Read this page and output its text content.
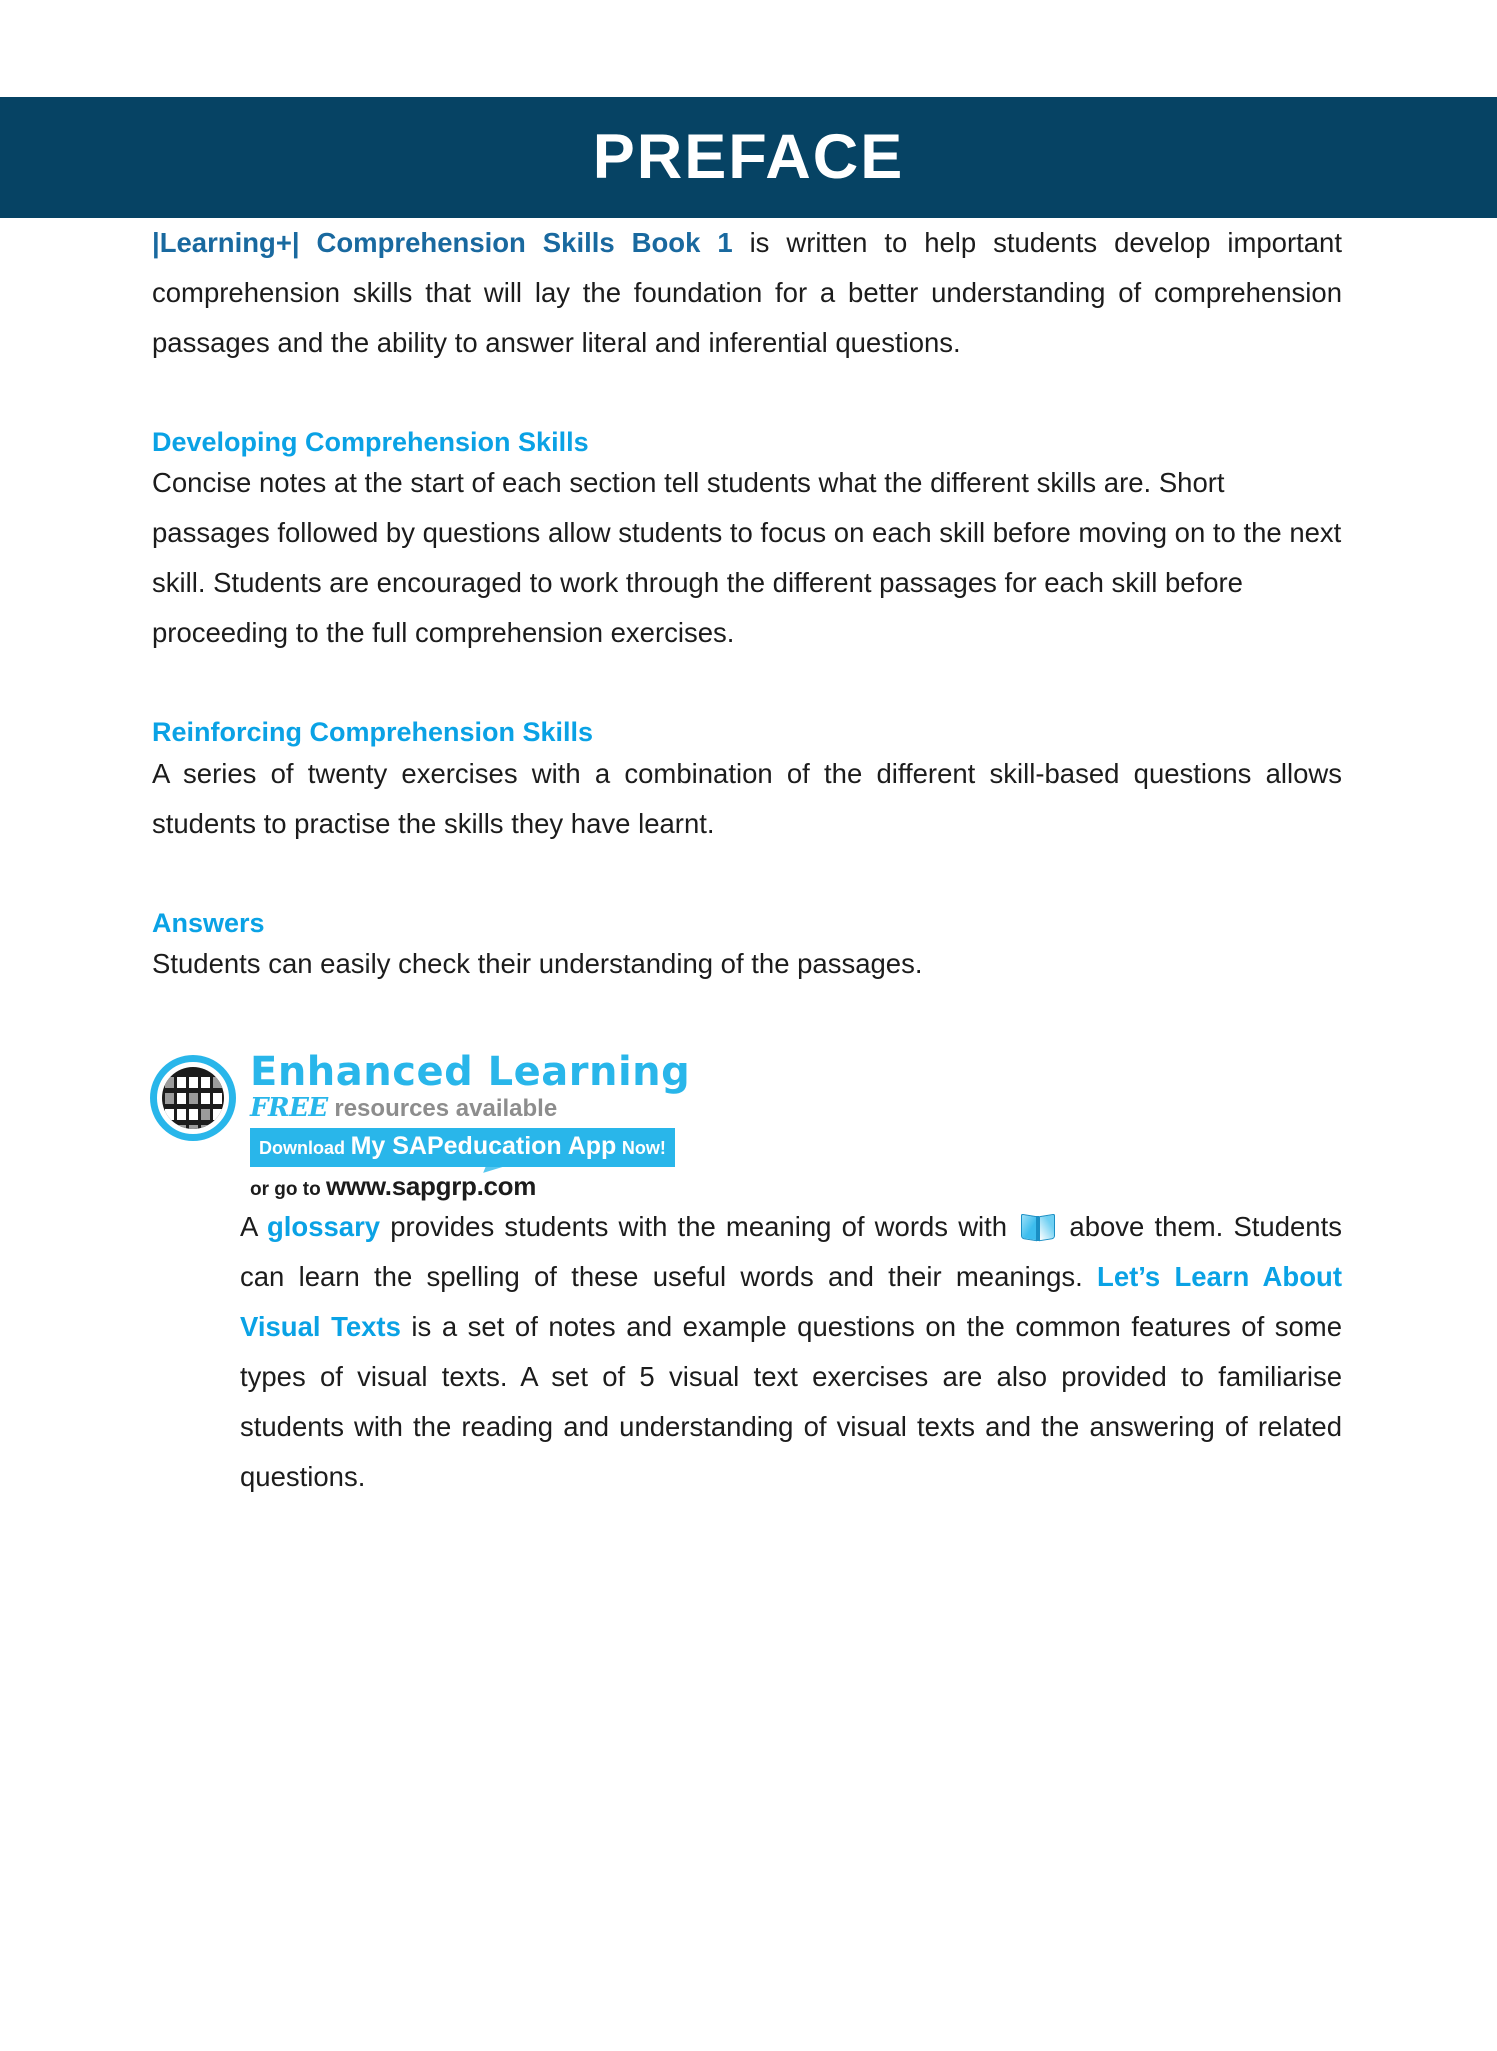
PREFACE

|Learning+| Comprehension Skills Book 1 is written to help students develop important comprehension skills that will lay the foundation for a better understanding of comprehension passages and the ability to answer literal and inferential questions.

Developing Comprehension Skills

Concise notes at the start of each section tell students what the different skills are. Short passages followed by questions allow students to focus on each skill before moving on to the next skill. Students are encouraged to work through the different passages for each skill before proceeding to the full comprehension exercises.

Reinforcing Comprehension Skills

A series of twenty exercises with a combination of the different skill-based questions allows students to practise the skills they have learnt.

Answers

Students can easily check their understanding of the passages.

Enhanced Learning
FREE resources available
Download My SAPeducation App Now!
or go to www.sapgrp.com

A glossary provides students with the meaning of words with
above them. Students can learn the spelling of these useful words and their meanings. Let’s Learn About Visual Texts is a set of notes and example questions on the common features of some types of visual texts. A set of 5 visual text exercises are also provided to familiarise students with the reading and understanding of visual texts and the answering of related questions.
